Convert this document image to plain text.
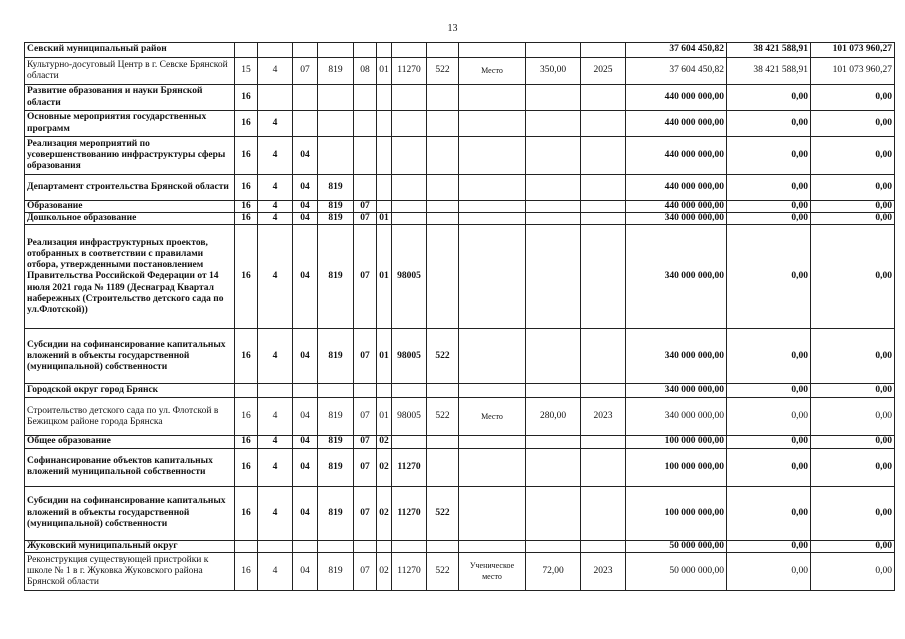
13
Севский муниципальный район												37 604 450,82	38 421 588,91	101 073 960,27
Культурно-досуговый Центр в г. Севске Брянской области	15	4	07	819	08	01	11270	522	Место	350,00	2025	37 604 450,82	38 421 588,91	101 073 960,27
Развитие образования и науки Брянской области	16											440 000 000,00	0,00	0,00
Основные мероприятия государственных программ	16	4										440 000 000,00	0,00	0,00
Реализация мероприятий по усовершенствованию инфраструктуры сферы образования	16	4	04									440 000 000,00	0,00	0,00
Департамент строительства Брянской области	16	4	04	819								440 000 000,00	0,00	0,00
Образование	16	4	04	819	07							440 000 000,00	0,00	0,00
Дошкольное образование	16	4	04	819	07	01						340 000 000,00	0,00	0,00
Реализация инфраструктурных проектов, отобранных в соответствии с правилами отбора, утвержденными постановлением Правительства Российской Федерации от 14 июля 2021 года № 1189 (Деснаград Квартал набережных (Строительство детского сада по ул.Флотской))	16	4	04	819	07	01	98005					340 000 000,00	0,00	0,00
Субсидии на софинансирование капитальных вложений в объекты государственной (муниципальной) собственности	16	4	04	819	07	01	98005	522				340 000 000,00	0,00	0,00
Городской округ город Брянск												340 000 000,00	0,00	0,00
Строительство детского сада по ул. Флотской в Бежицком районе города Брянска	16	4	04	819	07	01	98005	522	Место	280,00	2023	340 000 000,00	0,00	0,00
Общее образование	16	4	04	819	07	02						100 000 000,00	0,00	0,00
Софинансирование объектов капитальных вложений муниципальной собственности	16	4	04	819	07	02	11270					100 000 000,00	0,00	0,00
Субсидии на софинансирование капитальных вложений в объекты государственной (муниципальной) собственности	16	4	04	819	07	02	11270	522				100 000 000,00	0,00	0,00
Жуковский муниципальный округ												50 000 000,00	0,00	0,00
Реконструкция существующей пристройки к школе № 1 в г. Жуковка Жуковского района Брянской области	16	4	04	819	07	02	11270	522	Ученическое место	72,00	2023	50 000 000,00	0,00	0,00
